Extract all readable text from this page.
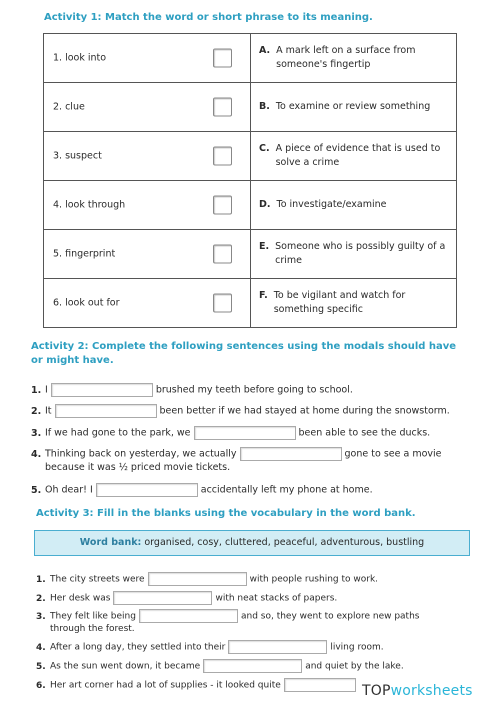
Activity 1: Match the word or short phrase to its meaning.
1. look into	A. A mark left on a surface from someone's fingertip

2. clue	B. To examine or review something

3. suspect	C. A piece of evidence that is used to solve a crime

4. look through	D. To investigate/examine

5. fingerprint	E. Someone who is possibly guilty of a crime

6. look out for	F. To be vigilant and watch for something specific
Activity 2: Complete the following sentences using the modals should have or might have.
1. I	brushed my teeth before going to school.
2. It	been better if we had stayed at home during the snowstorm.
3. If we had gone to the park, we	been able to see the ducks.
4. Thinking back on yesterday, we actually	gone to see a movie
because it was ½ priced movie tickets.
5. Oh dear! I	accidentally left my phone at home.
Activity 3: Fill in the blanks using the vocabulary in the word bank.
Word bank: organised, cosy, cluttered, peaceful, adventurous, bustling
1. The city streets were	with people rushing to work.
2. Her desk was	with neat stacks of papers.
3. They felt like being	and so, they went to explore new paths
through the forest.
4. After a long day, they settled into their	living room.
5. As the sun went down, it became	and quiet by the lake.
6. Her art corner had a lot of supplies - it looked quite	TOPworksheets
